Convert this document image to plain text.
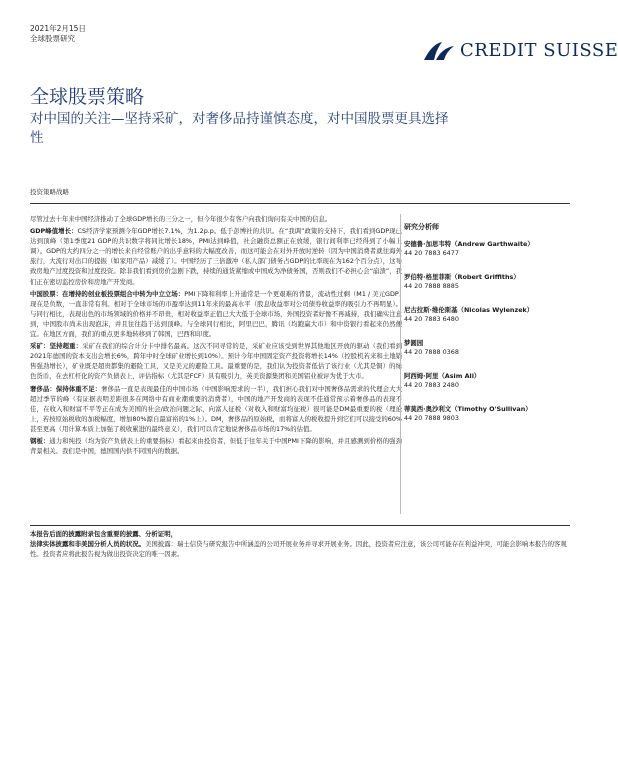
2021年2月15日
全球股票研究
CREDIT SUISSE
全球股票策略
对中国的关注—坚持采矿，对奢侈品持谨慎态度，对中国股票更具选择性
投资策略战略

尽管过去十年来中国经济推动了全球GDP增长的三分之一，但今年很少有客户向我们询问有关中国的信息。

GDP峰值增长：CS经济学家预测今年GDP增长7.1%，为1.2p.p。低于彭博社的共识。在“我调”政策的支持下，我们看到GDP现已达到顶峰（第1季度21 GDP的共识数字将同比增长18%，PMI达到峰值，社会融资总额正在放缓，银行间利率已经得到了小幅上调）。GDP的大约四分之一的增长来自经常账户的出乎意料的大幅度改善，而这可能会在对外开放时逆转（因为中国消费者就往海外旅行，大流行对出口的提振（如家用产品）减缓了）。中国经历了三倍激冲（私人部门债务占GDP的比率现在为162个百分点），这导致房地产过度投资和过度投资。除非我们看到房价急剧下跌，持续的通货紧缩或中国成为净债务国，否则我们不必担心会“崩溃”，我们正在密切监控房价和房地产开发商。

中国股票：在增持的创业板投票组合中转为中立立场：PMI下降和利率上升通常是一个更艰难的背景，流动性过剩（M1 / 美元GDP）现在是负数，一直非常有利。相对于全球市场的市盈率达到11年来的最高水平（股息收益率对公司债券收益率的吸引力不再明显）。与同行相比，表现出色的市场领域的价格并不昂贵，相对收益率正值已大大低于全球市场，外国投资者好像不再减持，我们确实注意到，中国股市尚未出现泡沫，并且往往趋于达到顶峰。与全球同行相比，阿里巴巴，腾讯（均跑赢大市）和中资银行看起来仍然便宜。在地区方面，我们的重点更多地转移到了韩国，巴西和印度。

采矿：坚持超重：采矿在我们的综合计分卡中排名最高。这次不同寻常的是，采矿业应该受到世界其他地区开放的驱动（我们看到2021年德国的资本支出会增长6%，跨年中时全球矿业增长到10%）。预计今年中国固定资产投资将增长14%（控股机若来和土地销售强劲增长），矿业既是超贵都集的避险工具，又是美元的避险工具。最重要的是，我们认为投资者低估了该行业（尤其是铜）的绿色货币，在去杠杆化的资产负债表上，评估指标（尤其是FCF）具有吸引力，英美资源集团和美国铝业被评为优于大市。

奢侈品：保持体重不足：奢侈品一直是表现最佳的中国市场（中国影响需求的一半），我们担心我们对中国奢侈品需求的代理会大大超过季节的峰（有证据表明差距很多在网络中有商业潮重要的消费者），中国的地产开发商的表现不佳通常预示着奢侈品的表现不佳，在收入和财富不平等正在成为美国的社会/政治问题之际，向富人征税（对收入和财富均征税）很可能是DM最重要的税（理论上，若按原始税收的加税幅度，增加80%源自最富裕的1%上）。DM，奢侈品的原始税，而将富人的税收提升到它们可以接受的60%甚至更高（用计算本质上加强了税收累进的最终意义），我们可以肯定地说奢侈品市场的17%的估值。

钢板：通力和纯投（均为资产负债表上的重要指标）看起来由投资者，但低于往年关于中国PMI下降的影响，并且感测到价格的强劲背景相关。我们是中国，德国国内供不同国内的数据。

研究分析师
安德鲁·加思韦特（Andrew Garthwaite）
44 20 7883 6477
罗伯特·格里菲斯（Robert Griffiths）
44 20 7888 8885
尼古拉斯·维伦斯基（Nicolas Wylenzek）
44 20 7883 6480
梦圆园
44 20 7888 0368
阿西姆·阿里（Asim Ali）
44 20 7883 2480
蒂莫西·奥沙利文（Timothy O'Sullivan）
44 20 7888 9803
本报告后面的披露附录包含重要的披露、分析证明，
法律实体披露和非美国分析人员的状况。美国披露：瑞士信贷与研究报告中所涵盖的公司开展业务并寻求开展业务。因此，投资者应注意，该公司可能存在利益冲突，可能会影响本报告的客观性。投资者应将此报告视为做出投资决定的唯一因素。
